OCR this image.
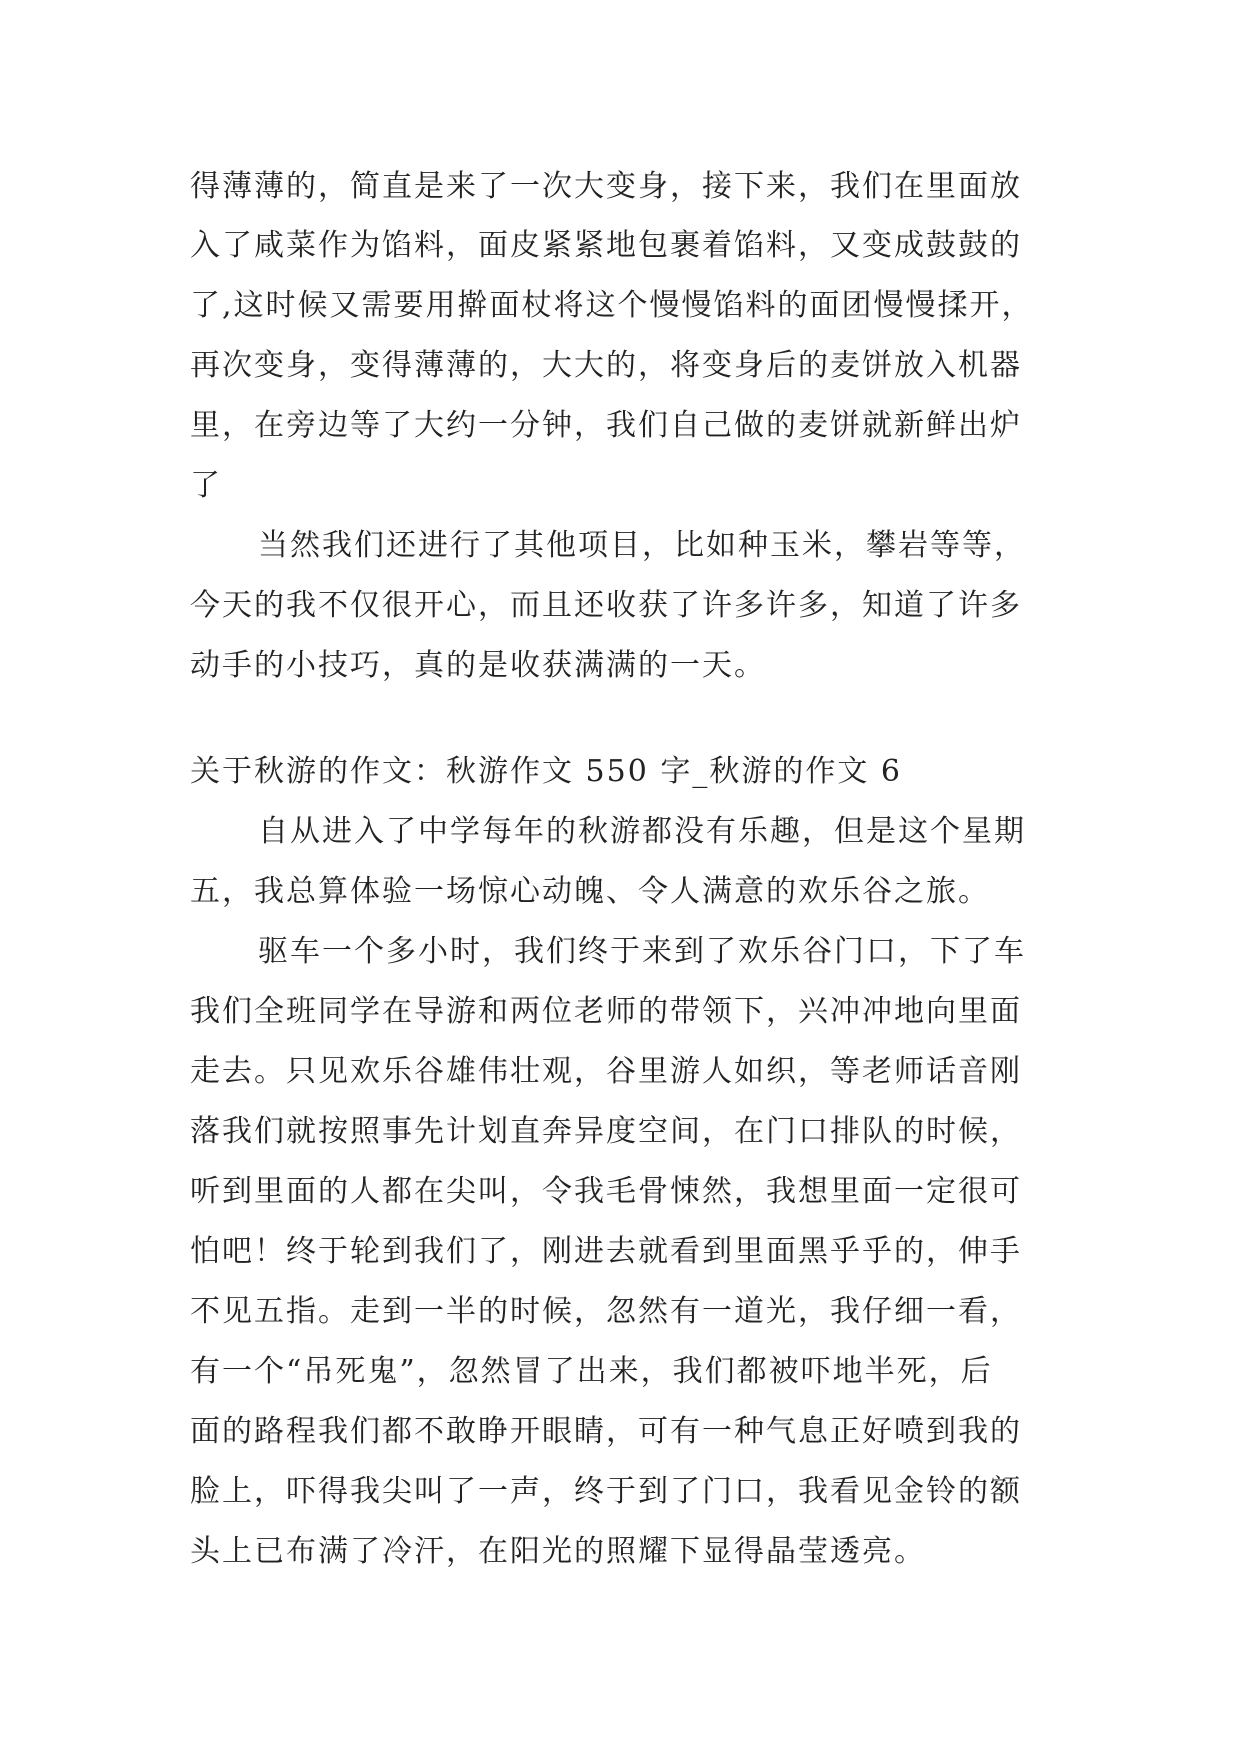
得薄薄的，简直是来了一次大变身，接下来，我们在里面放
入了咸菜作为馅料，面皮紧紧地包裹着馅料，又变成鼓鼓的
了,这时候又需要用擀面杖将这个慢慢馅料的面团慢慢揉开，
再次变身，变得薄薄的，大大的，将变身后的麦饼放入机器
里，在旁边等了大约一分钟，我们自己做的麦饼就新鲜出炉
了
当然我们还进行了其他项目，比如种玉米，攀岩等等，
今天的我不仅很开心，而且还收获了许多许多，知道了许多
动手的小技巧，真的是收获满满的一天。
关于秋游的作文：秋游作文 550 字_秋游的作文 6
自从进入了中学每年的秋游都没有乐趣，但是这个星期
五，我总算体验一场惊心动魄、令人满意的欢乐谷之旅。
驱车一个多小时，我们终于来到了欢乐谷门口，下了车
我们全班同学在导游和两位老师的带领下，兴冲冲地向里面
走去。只见欢乐谷雄伟壮观，谷里游人如织，等老师话音刚
落我们就按照事先计划直奔异度空间，在门口排队的时候，
听到里面的人都在尖叫，令我毛骨悚然，我想里面一定很可
怕吧！终于轮到我们了，刚进去就看到里面黑乎乎的，伸手
不见五指。走到一半的时候，忽然有一道光，我仔细一看，
有一个“吊死鬼”，忽然冒了出来，我们都被吓地半死，后
面的路程我们都不敢睁开眼睛，可有一种气息正好喷到我的
脸上，吓得我尖叫了一声，终于到了门口，我看见金铃的额
头上已布满了冷汗，在阳光的照耀下显得晶莹透亮。
